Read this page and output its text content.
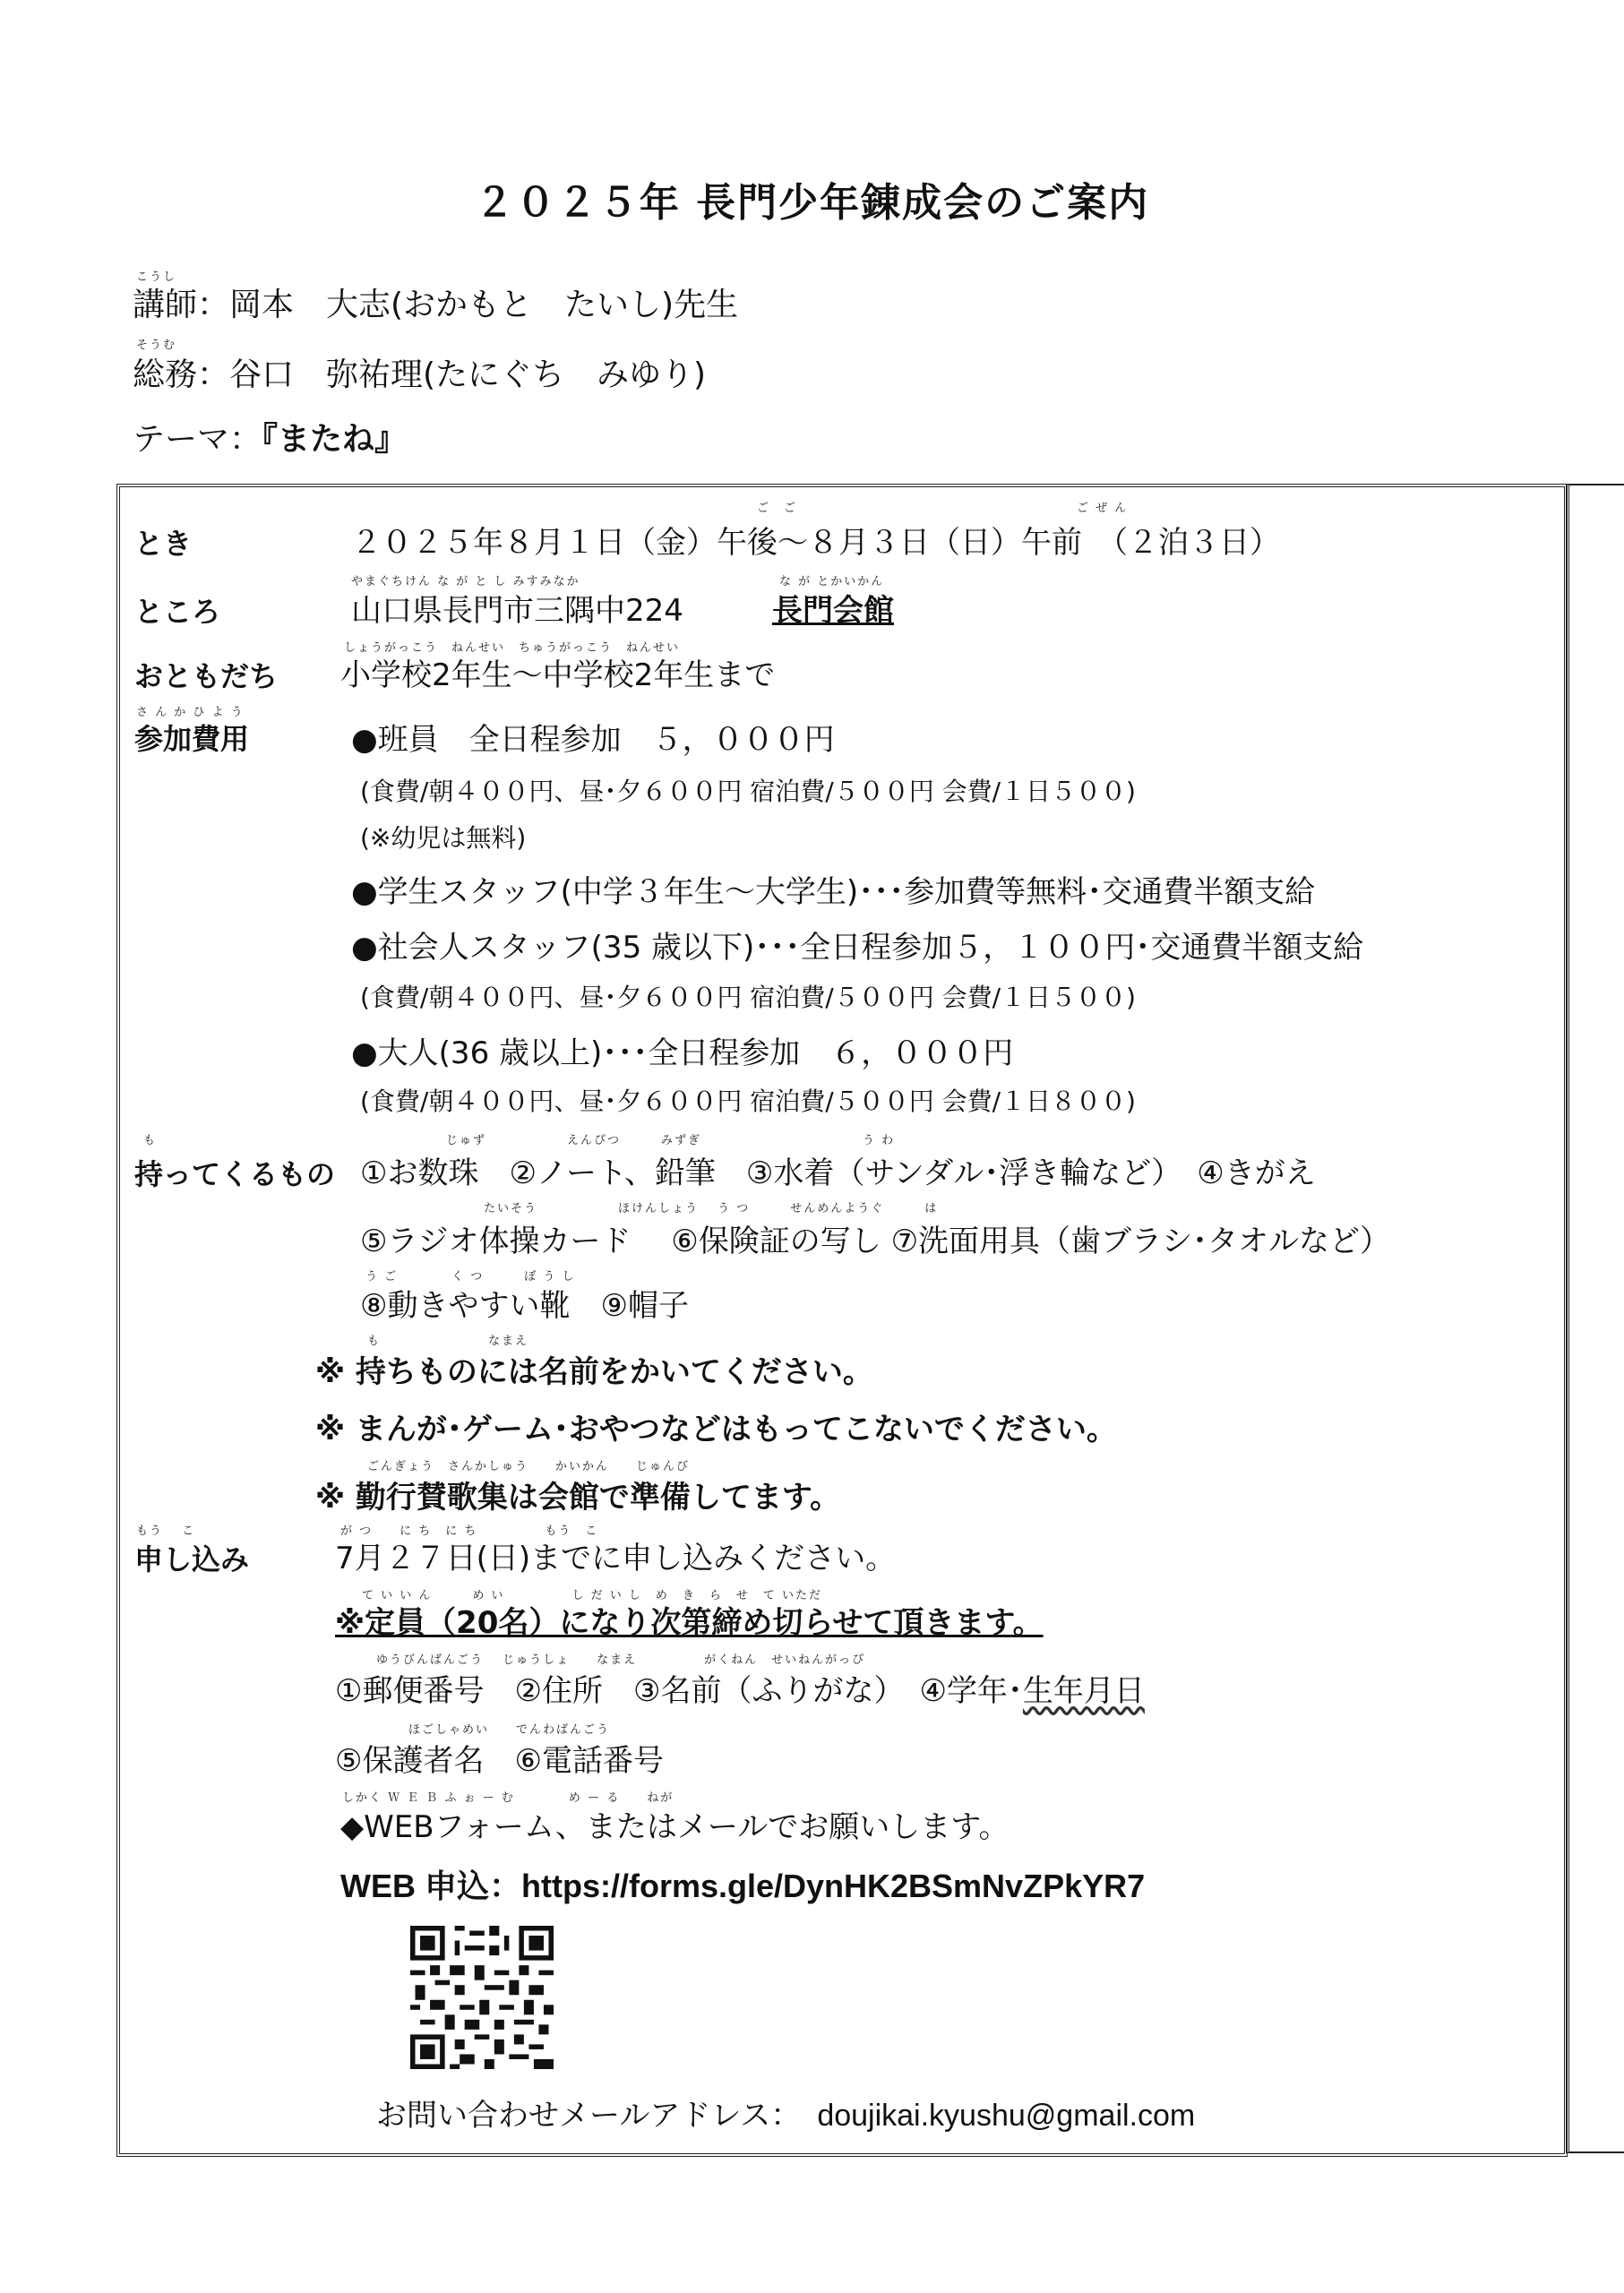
２０２５年 長門少年錬成会のご案内
こうし
講師：岡本　大志(おかもと　たいし)先生
そうむ
総務：谷口　弥祐理(たにぐち　みゆり)
テーマ：『またね』
ご　ご	ご ぜ ん
とき	２０２５年８月１日（金）午後～８月３日（日）午前　（２泊３日）
やまぐちけん な が と し みすみなか	な が とかいかん
ところ	山口県長門市三隅中224	長門会館
しょうがっこう　ねんせい　ちゅうがっこう　ねんせい
おともだち 小学校2年生～中学校2年生まで
さ ん か ひ よ う
参加費用	●班員　全日程参加　５，０００円
(食費/朝４００円、昼･夕６００円 宿泊費/５００円 会費/１日５００)
(※幼児は無料)
●学生スタッフ(中学３年生～大学生)･･･参加費等無料･交通費半額支給
●社会人スタッフ(35 歳以下)･･･全日程参加５，１００円･交通費半額支給
(食費/朝４００円、昼･夕６００円 宿泊費/５００円 会費/１日５００)
●大人(36 歳以上)･･･全日程参加　６，０００円
(食費/朝４００円、昼･夕６００円 宿泊費/５００円 会費/１日８００)
も	じゅず　　　　　　えんぴつ　　　みずぎ　　　　　　　　　　　　う わ
持ってくるもの ①お数珠　②ノート、鉛筆　③水着（サンダル･浮き輪など）　④きがえ
たいそう　　　　　　ほけんしょう　 う つ　　　せんめんようぐ　　　は
⑤ラジオ体操カード　 ⑥保険証の写し ⑦洗面用具（歯ブラシ･タオルなど）
う ご　　　　く つ　　　ぼ う し
⑧動きやすい靴　⑨帽子
も　　　　　　　　なまえ
※ 持ちものには名前をかいてください。
※ まんが･ゲーム･おやつなどはもってこないでください。
ごんぎょう　さんかしゅう　　かいかん　　じゅんび
※ 勤行賛歌集は会館で準備してます。
もう　 こ	が つ　　に ち　に ち　　　　　もう　こ
申し込み	7月２７日(日)までに申し込みください。
て い い ん　　　め い　　　　　し だ い し　め　き　ら　せ　て いただ
※定員（20名）になり次第締め切らせて頂きます。
ゆうびんばんごう　 じゅうしょ　　なまえ　　　　　がくねん　せいねんがっぴ
①郵便番号　②住所　③名前（ふりがな）　④学年･生年月日
ほごしゃめい　　でんわばんごう
⑤保護者名　⑥電話番号
しかく Ｗ Ｅ Ｂ ふ ぉ ー む　　　　め ー る　　ねが
◆WEBフォーム、またはメールでお願いします。
WEB 申込：https://forms.gle/DynHK2BSmNvZPkYR7
お問い合わせメールアドレス： doujikai.kyushu@gmail.com
